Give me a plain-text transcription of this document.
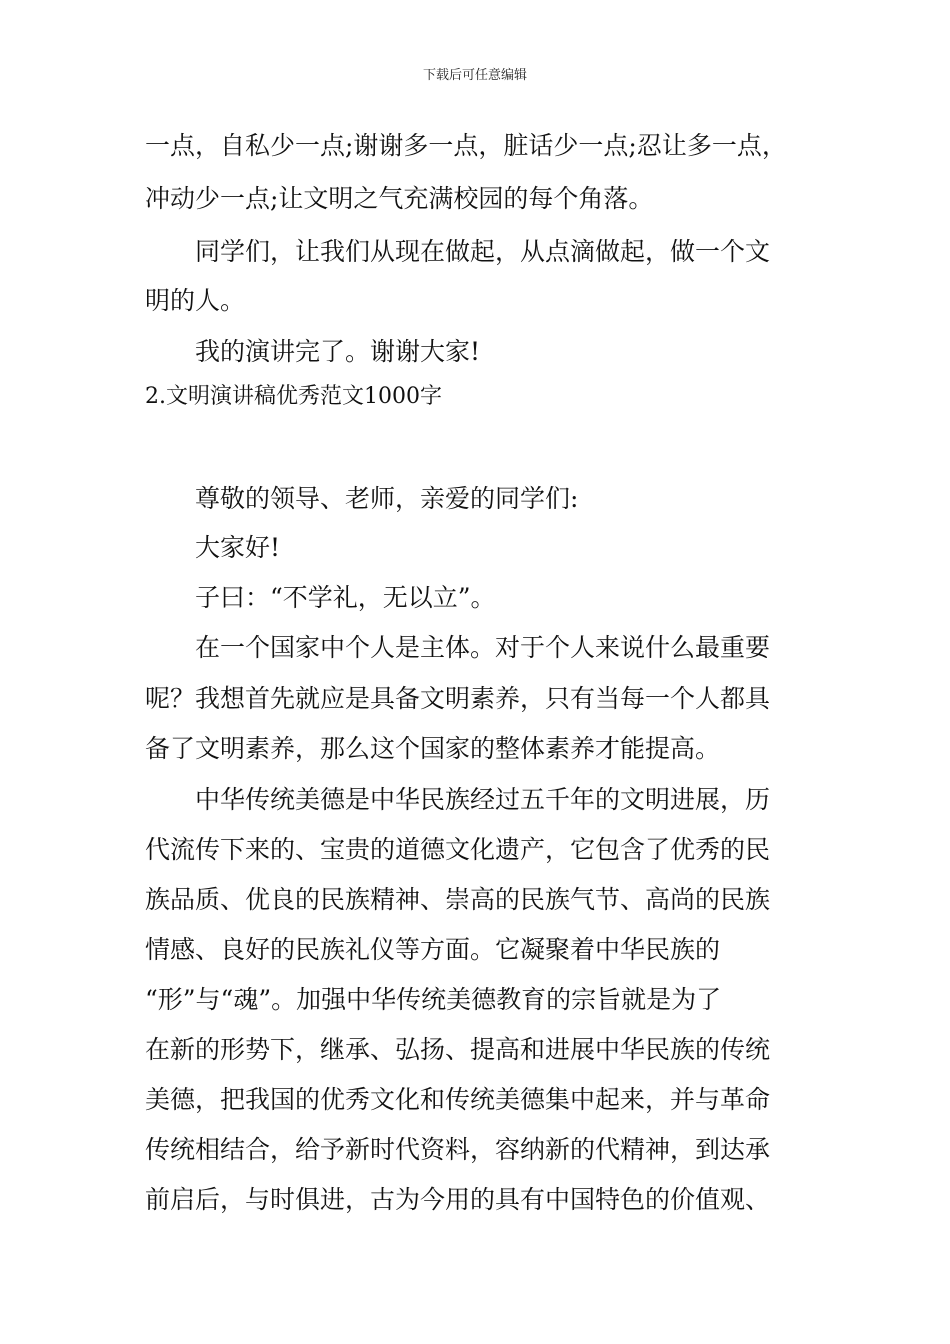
下载后可任意编辑
一点，自私少一点;谢谢多一点，脏话少一点;忍让多一点，
冲动少一点;让文明之气充满校园的每个角落。
同学们，让我们从现在做起，从点滴做起，做一个文
明的人。
我的演讲完了。谢谢大家!
2.文明演讲稿优秀范文1000字
尊敬的领导、老师，亲爱的同学们:
大家好!
子曰：“不学礼，无以立”。
在一个国家中个人是主体。对于个人来说什么最重要
呢？我想首先就应是具备文明素养，只有当每一个人都具
备了文明素养，那么这个国家的整体素养才能提高。
中华传统美德是中华民族经过五千年的文明进展，历
代流传下来的、宝贵的道德文化遗产，它包含了优秀的民
族品质、优良的民族精神、崇高的民族气节、高尚的民族
情感、良好的民族礼仪等方面。它凝聚着中华民族的
“形”与“魂”。加强中华传统美德教育的宗旨就是为了
在新的形势下，继承、弘扬、提高和进展中华民族的传统
美德，把我国的优秀文化和传统美德集中起来，并与革命
传统相结合，给予新时代资料，容纳新的代精神，到达承
前启后，与时俱进，古为今用的具有中国特色的价值观、
